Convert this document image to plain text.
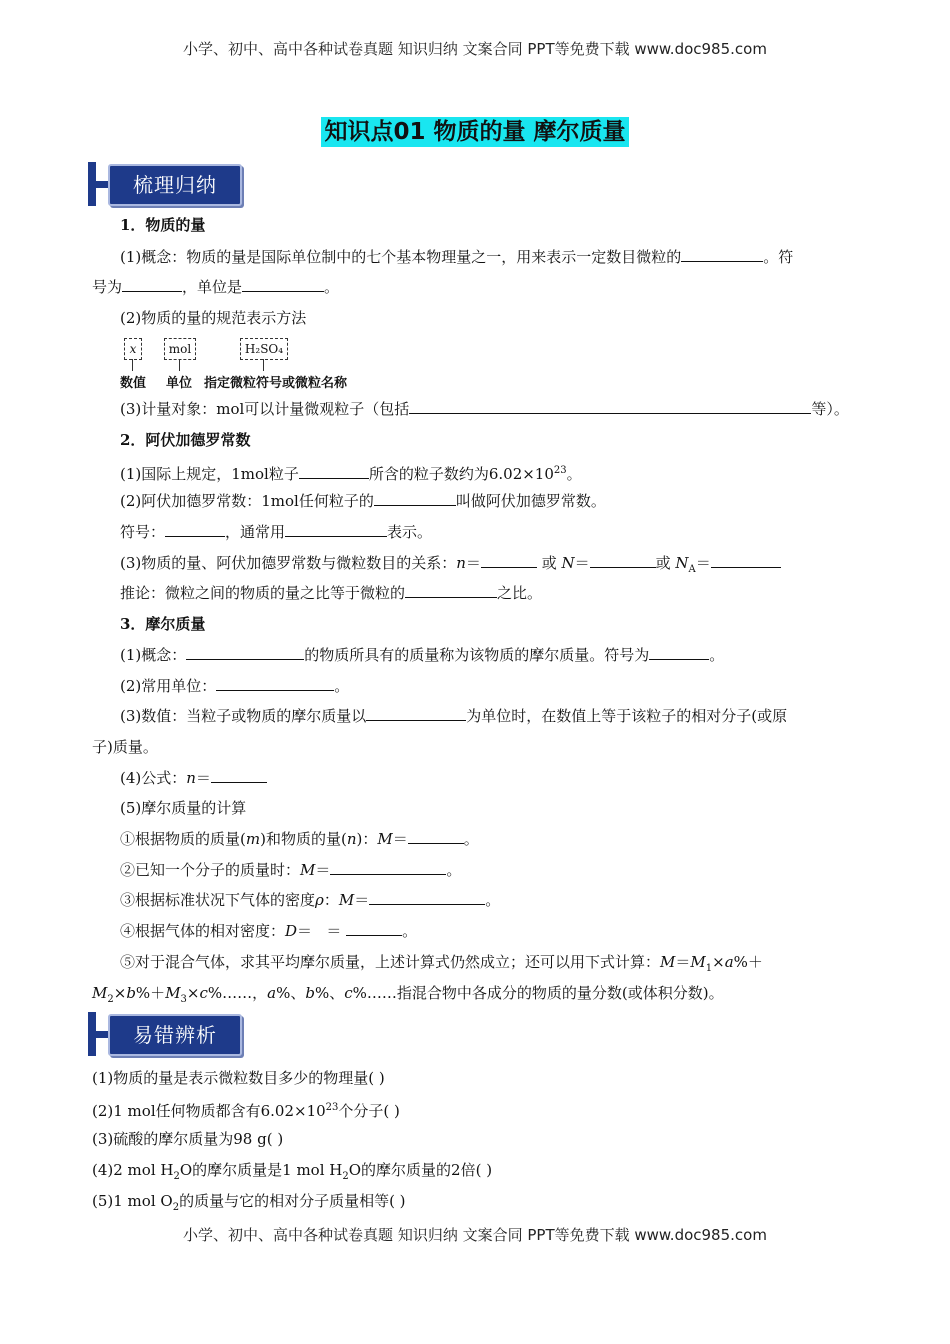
小学、初中、高中各种试卷真题 知识归纳 文案合同 PPT等免费下载 www.doc985.com
知识点01 物质的量 摩尔质量
梳理归纳
1．物质的量
(1)概念：物质的量是国际单位制中的七个基本物理量之一，用来表示一定数目微粒的	。符
号为	，单位是	。
(2)物质的量的规范表示方法
x	mol	H₂SO₄
数值 单位 指定微粒符号或微粒名称
(3)计量对象：mol可以计量微观粒子（包括	等）。
2．阿伏加德罗常数
(1)国际上规定，1mol粒子	所含的粒子数约为$6.02\times 10^{23}$。
(2)阿伏加德罗常数：1mol任何粒子的	叫做阿伏加德罗常数。
符号：	，通常用	表示。
(3)物质的量、阿伏加德罗常数与微粒数目的关系：n＝	或 N＝	或 $N_A=$
推论：微粒之间的物质的量之比等于微粒的	之比。
3．摩尔质量
(1)概念：	的物质所具有的质量称为该物质的摩尔质量。符号为	。
(2)常用单位：	。
(3)数值：当粒子或物质的摩尔质量以	为单位时，在数值上等于该粒子的相对分子(或原
子)质量。
(4)公式：n＝
(5)摩尔质量的计算
①根据物质的质量(m)和物质的量(n)：M＝	。
②已知一个分子的质量时：M＝	。
③根据标准状况下气体的密度ρ：M＝	。
④根据气体的相对密度：D＝   ＝	。
⑤对于混合气体，求其平均摩尔质量，上述计算式仍然成立；还可以用下式计算：$M=M_1\times a\%+$
$M_2\times b\%+M_3\times c\%\dots\dots$，a%、b%、c%……指混合物中各成分的物质的量分数(或体积分数)。
易错辨析
(1)物质的量是表示微粒数目多少的物理量( )
(2)1 mol任何物质都含有$6.02\times 10^{23}$个分子( )
(3)硫酸的摩尔质量为98 g( )
(4)2 mol $H_2O$的摩尔质量是1 mol $H_2O$的摩尔质量的2倍( )
(5)1 mol $O_2$的质量与它的相对分子质量相等( )
小学、初中、高中各种试卷真题 知识归纳 文案合同 PPT等免费下载 www.doc985.com
